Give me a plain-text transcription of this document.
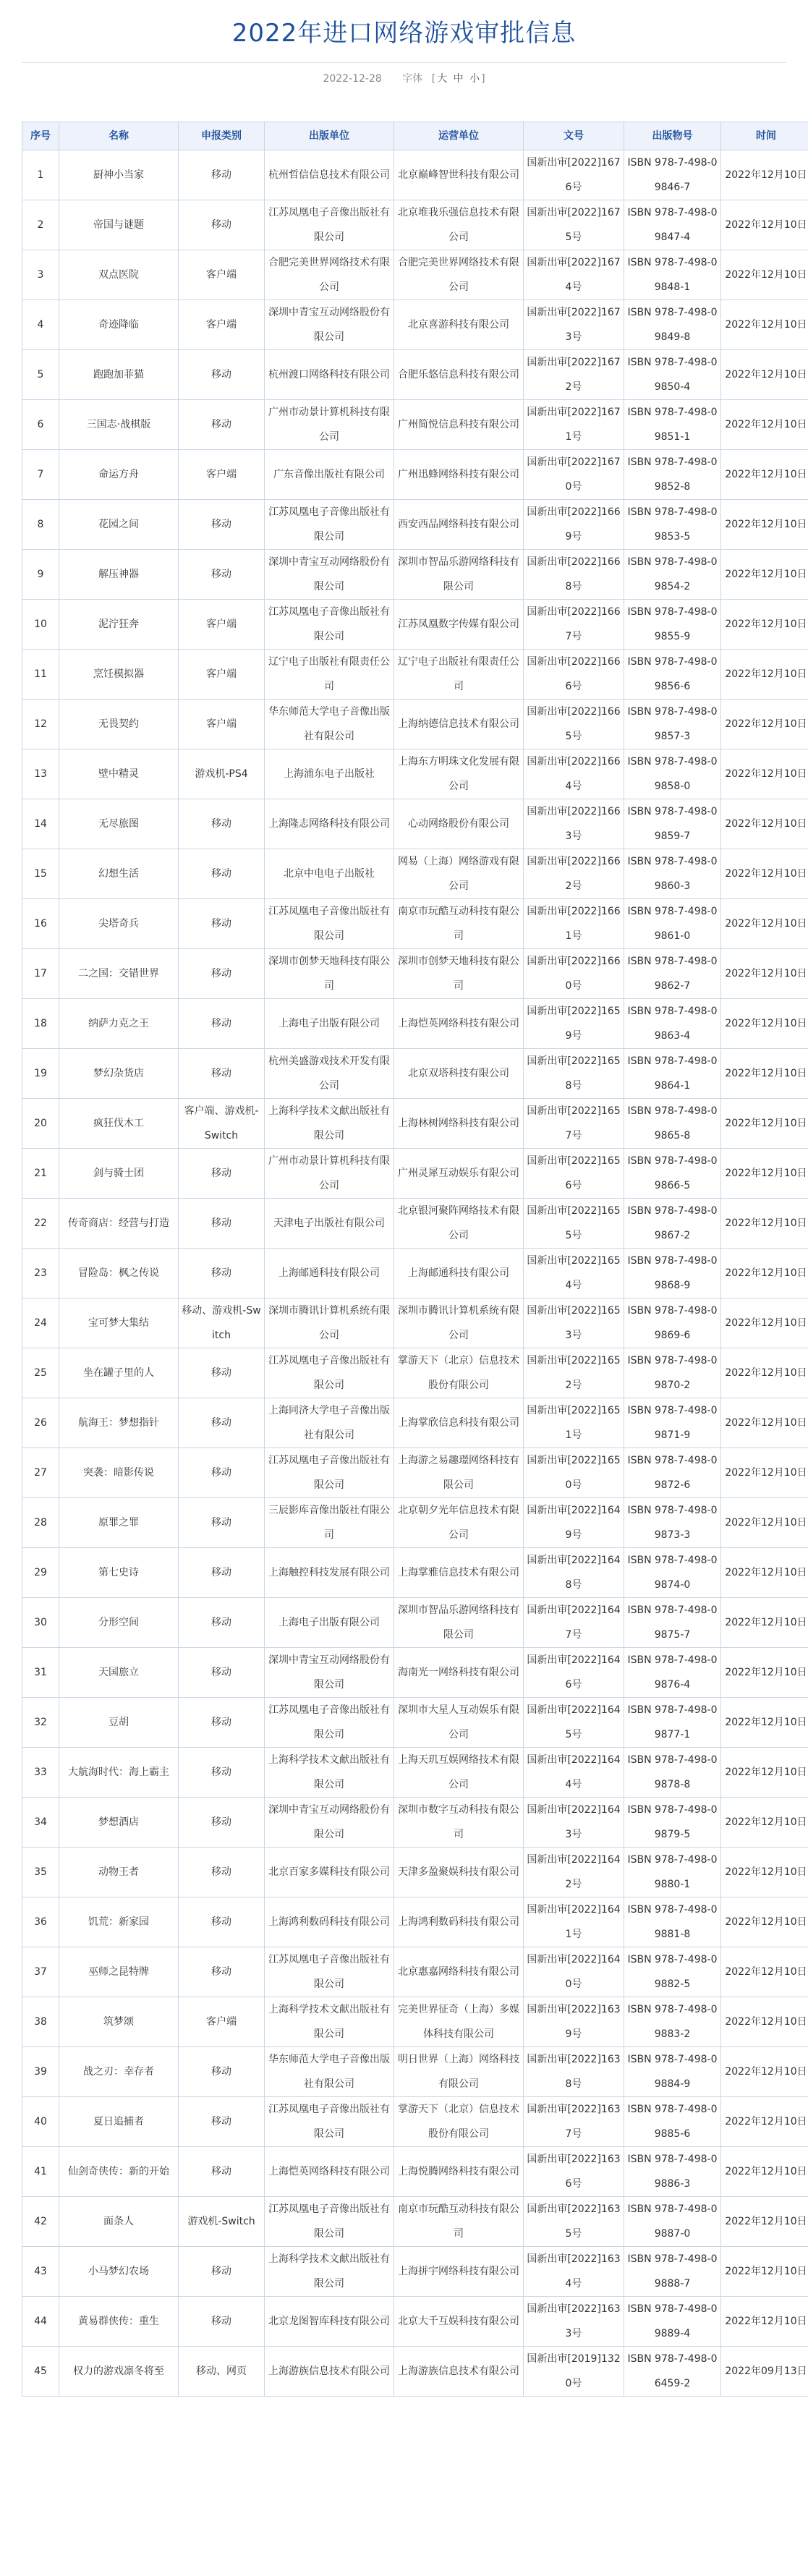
2022年进口网络游戏审批信息
2022-12-28 字体 [ 大 中 小 ]
序号	名称	申报类别	出版单位	运营单位	文号	出版物号	时间
1	厨神小当家	移动	杭州哲信信息技术有限公司	北京巅峰智世科技有限公司	国新出审[2022]1676号	ISBN 978-7-498-09846-7	2022年12月10日
2	帝国与谜题	移动	江苏凤凰电子音像出版社有限公司	北京堆我乐强信息技术有限公司	国新出审[2022]1675号	ISBN 978-7-498-09847-4	2022年12月10日
3	双点医院	客户端	合肥完美世界网络技术有限公司	合肥完美世界网络技术有限公司	国新出审[2022]1674号	ISBN 978-7-498-09848-1	2022年12月10日
4	奇迹降临	客户端	深圳中青宝互动网络股份有限公司	北京喜游科技有限公司	国新出审[2022]1673号	ISBN 978-7-498-09849-8	2022年12月10日
5	跑跑加菲猫	移动	杭州渡口网络科技有限公司	合肥乐悠信息科技有限公司	国新出审[2022]1672号	ISBN 978-7-498-09850-4	2022年12月10日
6	三国志·战棋版	移动	广州市动景计算机科技有限公司	广州简悦信息科技有限公司	国新出审[2022]1671号	ISBN 978-7-498-09851-1	2022年12月10日
7	命运方舟	客户端	广东音像出版社有限公司	广州迅蜂网络科技有限公司	国新出审[2022]1670号	ISBN 978-7-498-09852-8	2022年12月10日
8	花园之间	移动	江苏凤凰电子音像出版社有限公司	西安西品网络科技有限公司	国新出审[2022]1669号	ISBN 978-7-498-09853-5	2022年12月10日
9	解压神器	移动	深圳中青宝互动网络股份有限公司	深圳市智品乐游网络科技有限公司	国新出审[2022]1668号	ISBN 978-7-498-09854-2	2022年12月10日
10	泥泞狂奔	客户端	江苏凤凰电子音像出版社有限公司	江苏凤凰数字传媒有限公司	国新出审[2022]1667号	ISBN 978-7-498-09855-9	2022年12月10日
11	烹饪模拟器	客户端	辽宁电子出版社有限责任公司	辽宁电子出版社有限责任公司	国新出审[2022]1666号	ISBN 978-7-498-09856-6	2022年12月10日
12	无畏契约	客户端	华东师范大学电子音像出版社有限公司	上海纳德信息技术有限公司	国新出审[2022]1665号	ISBN 978-7-498-09857-3	2022年12月10日
13	壁中精灵	游戏机-PS4	上海浦东电子出版社	上海东方明珠文化发展有限公司	国新出审[2022]1664号	ISBN 978-7-498-09858-0	2022年12月10日
14	无尽旅图	移动	上海隆志网络科技有限公司	心动网络股份有限公司	国新出审[2022]1663号	ISBN 978-7-498-09859-7	2022年12月10日
15	幻想生活	移动	北京中电电子出版社	网易（上海）网络游戏有限公司	国新出审[2022]1662号	ISBN 978-7-498-09860-3	2022年12月10日
16	尖塔奇兵	移动	江苏凤凰电子音像出版社有限公司	南京市玩酷互动科技有限公司	国新出审[2022]1661号	ISBN 978-7-498-09861-0	2022年12月10日
17	二之国：交错世界	移动	深圳市创梦天地科技有限公司	深圳市创梦天地科技有限公司	国新出审[2022]1660号	ISBN 978-7-498-09862-7	2022年12月10日
18	纳萨力克之王	移动	上海电子出版有限公司	上海恺英网络科技有限公司	国新出审[2022]1659号	ISBN 978-7-498-09863-4	2022年12月10日
19	梦幻杂货店	移动	杭州美盛游戏技术开发有限公司	北京双塔科技有限公司	国新出审[2022]1658号	ISBN 978-7-498-09864-1	2022年12月10日
20	疯狂伐木工	客户端、游戏机-Switch	上海科学技术文献出版社有限公司	上海林树网络科技有限公司	国新出审[2022]1657号	ISBN 978-7-498-09865-8	2022年12月10日
21	剑与骑士团	移动	广州市动景计算机科技有限公司	广州灵犀互动娱乐有限公司	国新出审[2022]1656号	ISBN 978-7-498-09866-5	2022年12月10日
22	传奇商店：经营与打造	移动	天津电子出版社有限公司	北京银河聚阵网络技术有限公司	国新出审[2022]1655号	ISBN 978-7-498-09867-2	2022年12月10日
23	冒险岛：枫之传说	移动	上海邮通科技有限公司	上海邮通科技有限公司	国新出审[2022]1654号	ISBN 978-7-498-09868-9	2022年12月10日
24	宝可梦大集结	移动、游戏机-Switch	深圳市腾讯计算机系统有限公司	深圳市腾讯计算机系统有限公司	国新出审[2022]1653号	ISBN 978-7-498-09869-6	2022年12月10日
25	坐在罐子里的人	移动	江苏凤凰电子音像出版社有限公司	掌游天下（北京）信息技术股份有限公司	国新出审[2022]1652号	ISBN 978-7-498-09870-2	2022年12月10日
26	航海王：梦想指针	移动	上海同济大学电子音像出版社有限公司	上海掌欣信息科技有限公司	国新出审[2022]1651号	ISBN 978-7-498-09871-9	2022年12月10日
27	突袭：暗影传说	移动	江苏凤凰电子音像出版社有限公司	上海游之易趣璟网络科技有限公司	国新出审[2022]1650号	ISBN 978-7-498-09872-6	2022年12月10日
28	原罪之罪	移动	三辰影库音像出版社有限公司	北京朝夕光年信息技术有限公司	国新出审[2022]1649号	ISBN 978-7-498-09873-3	2022年12月10日
29	第七史诗	移动	上海触控科技发展有限公司	上海掌雅信息技术有限公司	国新出审[2022]1648号	ISBN 978-7-498-09874-0	2022年12月10日
30	分形空间	移动	上海电子出版有限公司	深圳市智品乐游网络科技有限公司	国新出审[2022]1647号	ISBN 978-7-498-09875-7	2022年12月10日
31	天国旅立	移动	深圳中青宝互动网络股份有限公司	海南光一网络科技有限公司	国新出审[2022]1646号	ISBN 978-7-498-09876-4	2022年12月10日
32	豆胡	移动	江苏凤凰电子音像出版社有限公司	深圳市大星人互动娱乐有限公司	国新出审[2022]1645号	ISBN 978-7-498-09877-1	2022年12月10日
33	大航海时代：海上霸主	移动	上海科学技术文献出版社有限公司	上海天玑互娱网络技术有限公司	国新出审[2022]1644号	ISBN 978-7-498-09878-8	2022年12月10日
34	梦想酒店	移动	深圳中青宝互动网络股份有限公司	深圳市数字互动科技有限公司	国新出审[2022]1643号	ISBN 978-7-498-09879-5	2022年12月10日
35	动物王者	移动	北京百家多媒科技有限公司	天津多盈聚娱科技有限公司	国新出审[2022]1642号	ISBN 978-7-498-09880-1	2022年12月10日
36	饥荒：新家园	移动	上海鸿利数码科技有限公司	上海鸿利数码科技有限公司	国新出审[2022]1641号	ISBN 978-7-498-09881-8	2022年12月10日
37	巫师之昆特牌	移动	江苏凤凰电子音像出版社有限公司	北京惠嘉网络科技有限公司	国新出审[2022]1640号	ISBN 978-7-498-09882-5	2022年12月10日
38	筑梦颂	客户端	上海科学技术文献出版社有限公司	完美世界征奇（上海）多媒体科技有限公司	国新出审[2022]1639号	ISBN 978-7-498-09883-2	2022年12月10日
39	战之刃：幸存者	移动	华东师范大学电子音像出版社有限公司	明日世界（上海）网络科技有限公司	国新出审[2022]1638号	ISBN 978-7-498-09884-9	2022年12月10日
40	夏日追捕者	移动	江苏凤凰电子音像出版社有限公司	掌游天下（北京）信息技术股份有限公司	国新出审[2022]1637号	ISBN 978-7-498-09885-6	2022年12月10日
41	仙剑奇侠传：新的开始	移动	上海恺英网络科技有限公司	上海悦腾网络科技有限公司	国新出审[2022]1636号	ISBN 978-7-498-09886-3	2022年12月10日
42	面条人	游戏机-Switch	江苏凤凰电子音像出版社有限公司	南京市玩酷互动科技有限公司	国新出审[2022]1635号	ISBN 978-7-498-09887-0	2022年12月10日
43	小马梦幻农场	移动	上海科学技术文献出版社有限公司	上海拼宇网络科技有限公司	国新出审[2022]1634号	ISBN 978-7-498-09888-7	2022年12月10日
44	黄易群侠传：重生	移动	北京龙图智库科技有限公司	北京大千互娱科技有限公司	国新出审[2022]1633号	ISBN 978-7-498-09889-4	2022年12月10日
45	权力的游戏凛冬将至	移动、网页	上海游族信息技术有限公司	上海游族信息技术有限公司	国新出审[2019]1320号	ISBN 978-7-498-06459-2	2022年09月13日
